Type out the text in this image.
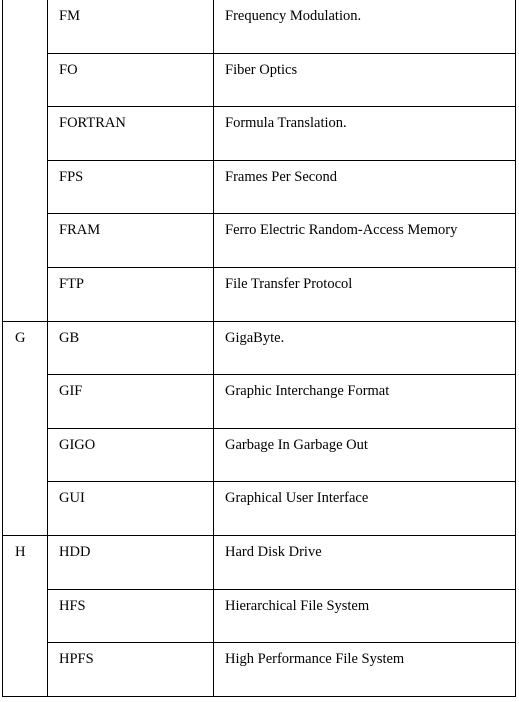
FM	Frequency Modulation.
FO	Fiber Optics
FORTRAN	Formula Translation.
FPS	Frames Per Second
FRAM	Ferro Electric Random-Access Memory
FTP	File Transfer Protocol
G GB	GigaByte.
GIF	Graphic Interchange Format
GIGO	Garbage In Garbage Out
GUI	Graphical User Interface
H HDD	Hard Disk Drive
HFS	Hierarchical File System
HPFS	High Performance File System
